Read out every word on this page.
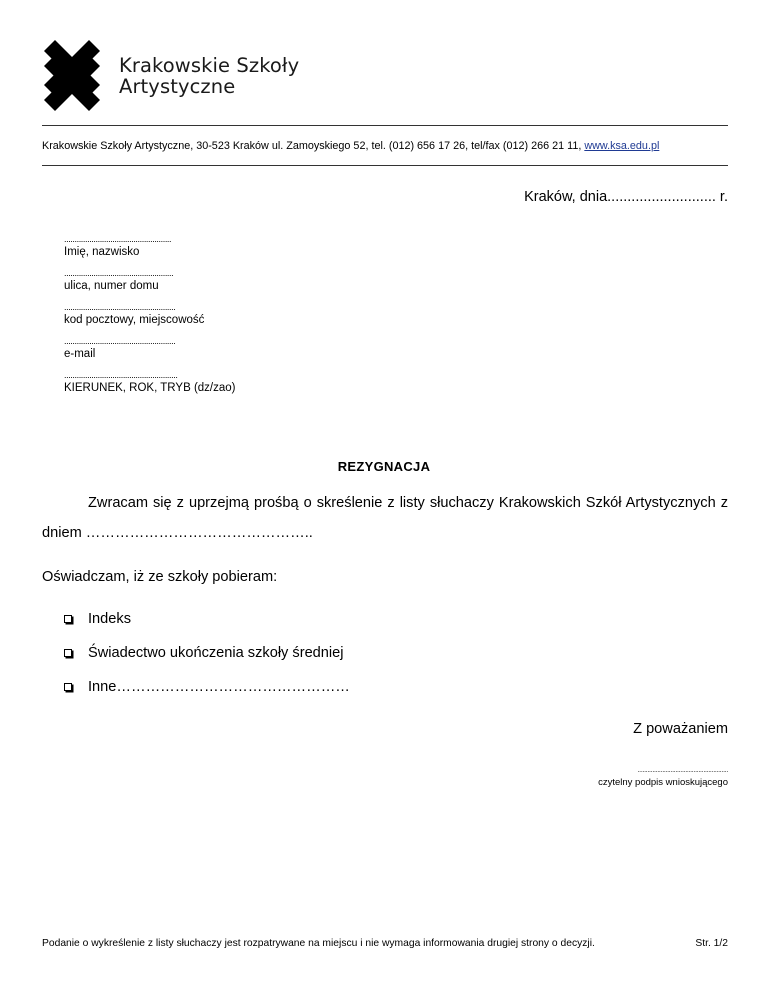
Krakowskie Szkoły
Artystyczne
Krakowskie Szkoły Artystyczne, 30-523 Kraków ul. Zamoyskiego 52, tel. (012) 656 17 26, tel/fax (012) 266 21 11, www.ksa.edu.pl
Kraków, dnia........................... r.
...................................................
Imię, nazwisko
....................................................
ulica, numer domu
.....................................................
kod pocztowy, miejscowość
.....................................................
e-mail
......................................................
KIERUNEK, ROK, TRYB (dz/zao)
REZYGNACJA
Zwracam się z uprzejmą prośbą o skreślenie z listy słuchaczy Krakowskich Szkół Artystycznych z dniem ………………………………………..
Oświadczam, iż ze szkoły pobieram:
Indeks
Świadectwo ukończenia szkoły średniej
Inne…………………………………………
Z poważaniem
.......................................................
czytelny podpis wnioskującego
Podanie o wykreślenie z listy słuchaczy jest rozpatrywane na miejscu i nie wymaga informowania drugiej strony o decyzji.	Str. 1/2
